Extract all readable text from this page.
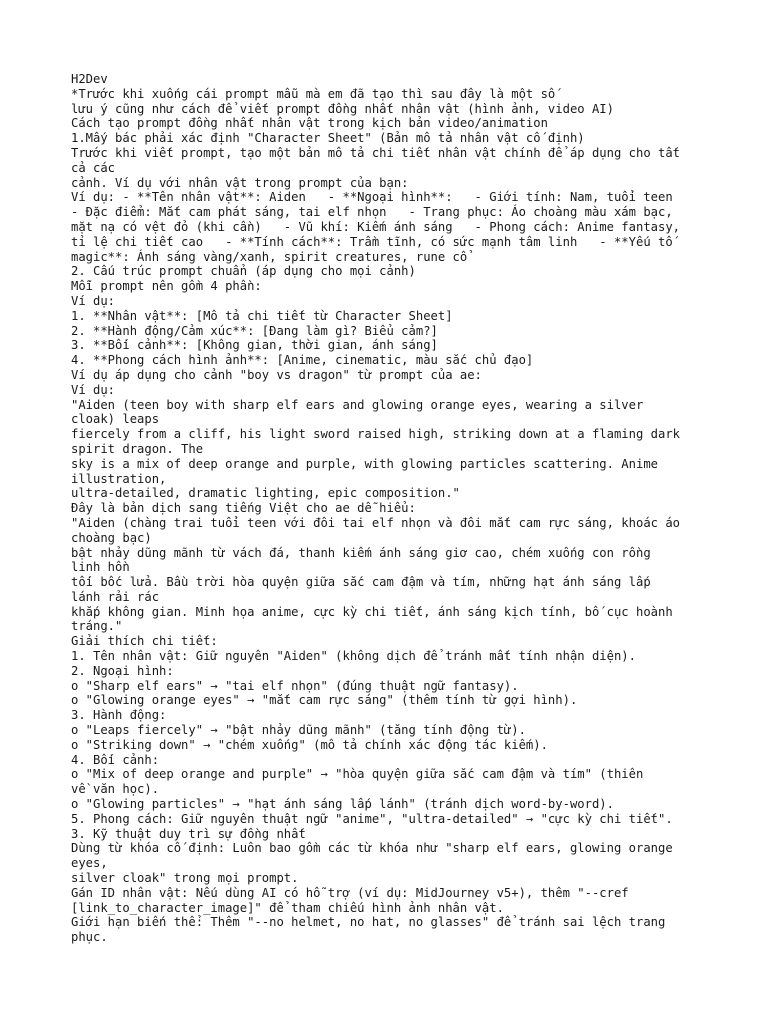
H2Dev
*Trước khi xuống cái prompt mẫu mà em đã tạo thì sau đây là một số
lưu ý cũng như cách để viết prompt đồng nhất nhân vật (hình ảnh, video AI)
Cách tạo prompt đồng nhất nhân vật trong kịch bản video/animation
1.Mấy bác phải xác định "Character Sheet" (Bản mô tả nhân vật cố định)
Trước khi viết prompt, tạo một bản mô tả chi tiết nhân vật chính để áp dụng cho tất
cả các
cảnh. Ví dụ với nhân vật trong prompt của bạn:
Ví dụ: - **Tên nhân vật**: Aiden   - **Ngoại hình**:   - Giới tính: Nam, tuổi teen
- Đặc điểm: Mắt cam phát sáng, tai elf nhọn   - Trang phục: Áo choàng màu xám bạc,
mặt nạ có vệt đỏ (khi cần)   - Vũ khí: Kiếm ánh sáng   - Phong cách: Anime fantasy,
tỉ lệ chi tiết cao   - **Tính cách**: Trầm tĩnh, có sức mạnh tâm linh   - **Yếu tố
magic**: Ánh sáng vàng/xanh, spirit creatures, rune cổ
2. Cấu trúc prompt chuẩn (áp dụng cho mọi cảnh)
Mỗi prompt nên gồm 4 phần:
Ví dụ:
1. **Nhân vật**: [Mô tả chi tiết từ Character Sheet]
2. **Hành động/Cảm xúc**: [Đang làm gì? Biểu cảm?]
3. **Bối cảnh**: [Không gian, thời gian, ánh sáng]
4. **Phong cách hình ảnh**: [Anime, cinematic, màu sắc chủ đạo]
Ví dụ áp dụng cho cảnh "boy vs dragon" từ prompt của ae:
Ví dụ:
"Aiden (teen boy with sharp elf ears and glowing orange eyes, wearing a silver
cloak) leaps
fiercely from a cliff, his light sword raised high, striking down at a flaming dark
spirit dragon. The
sky is a mix of deep orange and purple, with glowing particles scattering. Anime
illustration,
ultra-detailed, dramatic lighting, epic composition."
Đây là bản dịch sang tiếng Việt cho ae dễ hiểu:
"Aiden (chàng trai tuổi teen với đôi tai elf nhọn và đôi mắt cam rực sáng, khoác áo
choàng bạc)
bật nhảy dũng mãnh từ vách đá, thanh kiếm ánh sáng giơ cao, chém xuống con rồng
linh hồn
tối bốc lửa. Bầu trời hòa quyện giữa sắc cam đậm và tím, những hạt ánh sáng lấp
lánh rải rác
khắp không gian. Minh họa anime, cực kỳ chi tiết, ánh sáng kịch tính, bố cục hoành
tráng."
Giải thích chi tiết:
1. Tên nhân vật: Giữ nguyên "Aiden" (không dịch để tránh mất tính nhận diện).
2. Ngoại hình:
o "Sharp elf ears" → "tai elf nhọn" (đúng thuật ngữ fantasy).
o "Glowing orange eyes" → "mắt cam rực sáng" (thêm tính từ gợi hình).
3. Hành động:
o "Leaps fiercely" → "bật nhảy dũng mãnh" (tăng tính động từ).
o "Striking down" → "chém xuống" (mô tả chính xác động tác kiếm).
4. Bối cảnh:
o "Mix of deep orange and purple" → "hòa quyện giữa sắc cam đậm và tím" (thiên
về văn học).
o "Glowing particles" → "hạt ánh sáng lấp lánh" (tránh dịch word-by-word).
5. Phong cách: Giữ nguyên thuật ngữ "anime", "ultra-detailed" → "cực kỳ chi tiết".
3. Kỹ thuật duy trì sự đồng nhất
Dùng từ khóa cố định: Luôn bao gồm các từ khóa như "sharp elf ears, glowing orange
eyes,
silver cloak" trong mọi prompt.
Gán ID nhân vật: Nếu dùng AI có hỗ trợ (ví dụ: MidJourney v5+), thêm "--cref
[link_to_character_image]" để tham chiếu hình ảnh nhân vật.
Giới hạn biến thể: Thêm "--no helmet, no hat, no glasses" để tránh sai lệch trang
phục.
